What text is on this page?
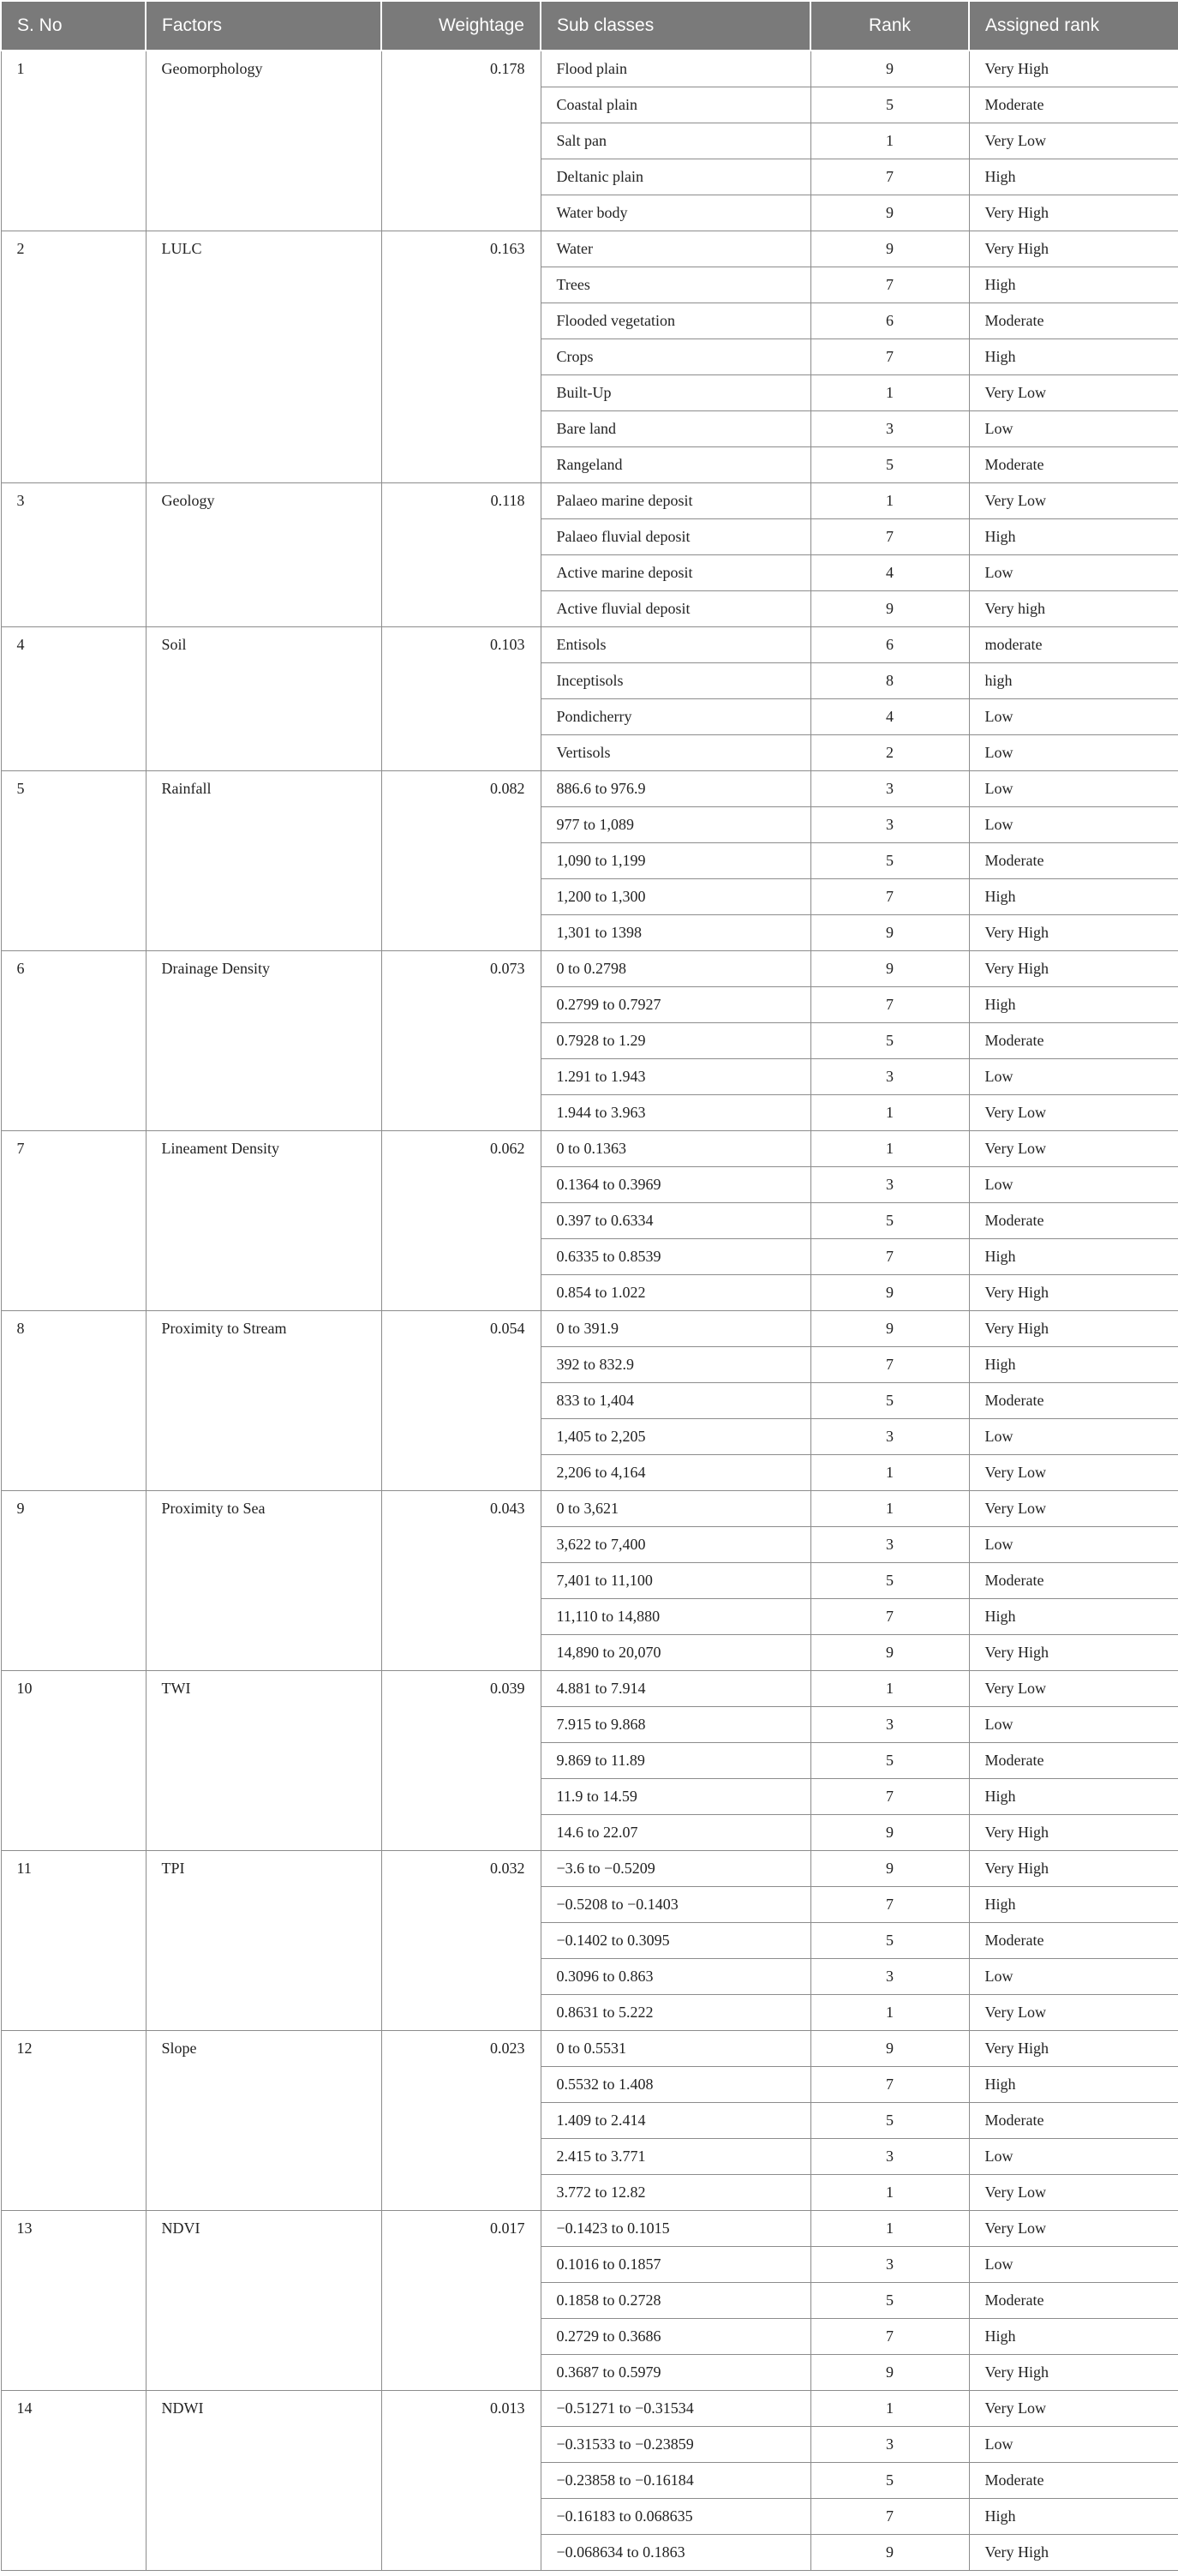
S. No	Factors	Weightage	Sub classes	Rank	Assigned rank
1	Geomorphology	0.178	Flood plain	9	Very High
			Coastal plain	5	Moderate
			Salt pan	1	Very Low
			Deltanic plain	7	High
			Water body	9	Very High
2	LULC	0.163	Water	9	Very High
			Trees	7	High
			Flooded vegetation	6	Moderate
			Crops	7	High
			Built-Up	1	Very Low
			Bare land	3	Low
			Rangeland	5	Moderate
3	Geology	0.118	Palaeo marine deposit	1	Very Low
			Palaeo fluvial deposit	7	High
			Active marine deposit	4	Low
			Active fluvial deposit	9	Very high
4	Soil	0.103	Entisols	6	moderate
			Inceptisols	8	high
			Pondicherry	4	Low
			Vertisols	2	Low
5	Rainfall	0.082	886.6 to 976.9	3	Low
			977 to 1,089	3	Low
			1,090 to 1,199	5	Moderate
			1,200 to 1,300	7	High
			1,301 to 1398	9	Very High
6	Drainage Density	0.073	0 to 0.2798	9	Very High
			0.2799 to 0.7927	7	High
			0.7928 to 1.29	5	Moderate
			1.291 to 1.943	3	Low
			1.944 to 3.963	1	Very Low
7	Lineament Density	0.062	0 to 0.1363	1	Very Low
			0.1364 to 0.3969	3	Low
			0.397 to 0.6334	5	Moderate
			0.6335 to 0.8539	7	High
			0.854 to 1.022	9	Very High
8	Proximity to Stream	0.054	0 to 391.9	9	Very High
			392 to 832.9	7	High
			833 to 1,404	5	Moderate
			1,405 to 2,205	3	Low
			2,206 to 4,164	1	Very Low
9	Proximity to Sea	0.043	0 to 3,621	1	Very Low
			3,622 to 7,400	3	Low
			7,401 to 11,100	5	Moderate
			11,110 to 14,880	7	High
			14,890 to 20,070	9	Very High
10	TWI	0.039	4.881 to 7.914	1	Very Low
			7.915 to 9.868	3	Low
			9.869 to 11.89	5	Moderate
			11.9 to 14.59	7	High
			14.6 to 22.07	9	Very High
11	TPI	0.032	−3.6 to −0.5209	9	Very High
			−0.5208 to −0.1403	7	High
			−0.1402 to 0.3095	5	Moderate
			0.3096 to 0.863	3	Low
			0.8631 to 5.222	1	Very Low
12	Slope	0.023	0 to 0.5531	9	Very High
			0.5532 to 1.408	7	High
			1.409 to 2.414	5	Moderate
			2.415 to 3.771	3	Low
			3.772 to 12.82	1	Very Low
13	NDVI	0.017	−0.1423 to 0.1015	1	Very Low
			0.1016 to 0.1857	3	Low
			0.1858 to 0.2728	5	Moderate
			0.2729 to 0.3686	7	High
			0.3687 to 0.5979	9	Very High
14	NDWI	0.013	−0.51271 to −0.31534	1	Very Low
			−0.31533 to −0.23859	3	Low
			−0.23858 to −0.16184	5	Moderate
			−0.16183 to 0.068635	7	High
			−0.068634 to 0.1863	9	Very High
